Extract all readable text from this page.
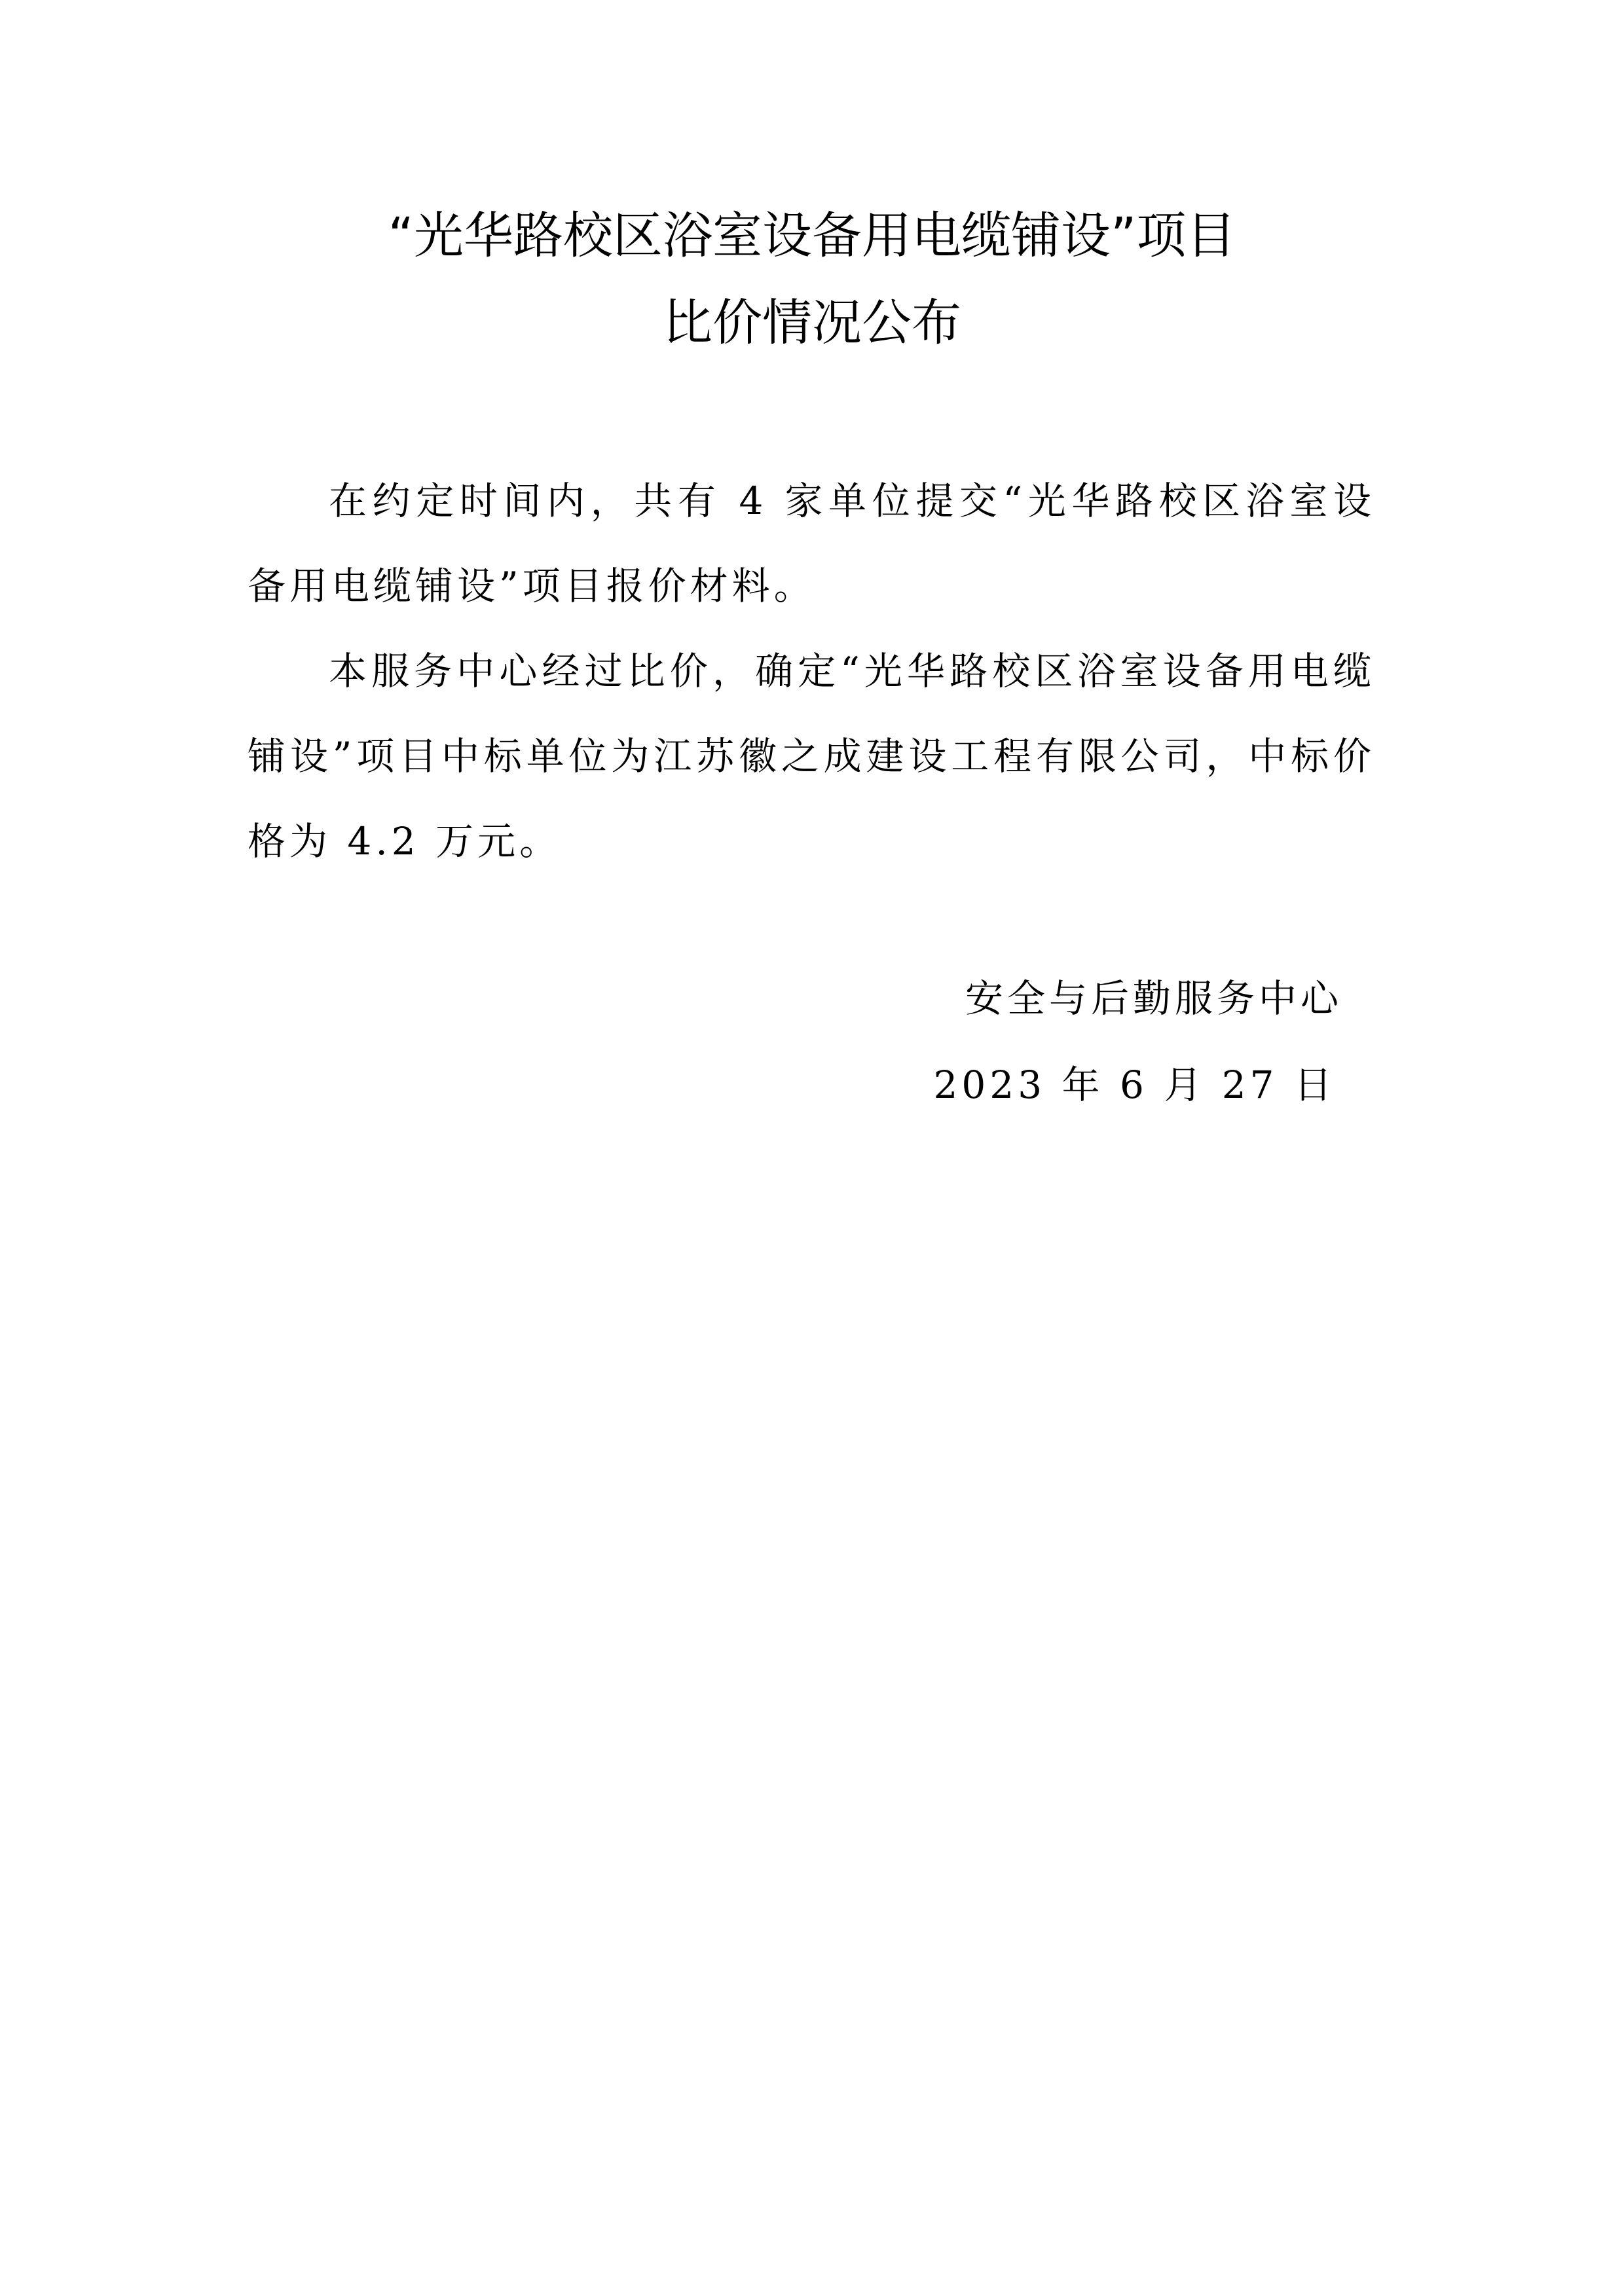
“光华路校区浴室设备用电缆铺设”项目
比价情况公布

在约定时间内，共有 4 家单位提交“光华路校区浴室设备用电缆铺设”项目报价材料。

本服务中心经过比价，确定“光华路校区浴室设备用电缆铺设”项目中标单位为江苏徽之成建设工程有限公司，中标价格为 4.2 万元。

安全与后勤服务中心
2023 年 6 月 27 日
